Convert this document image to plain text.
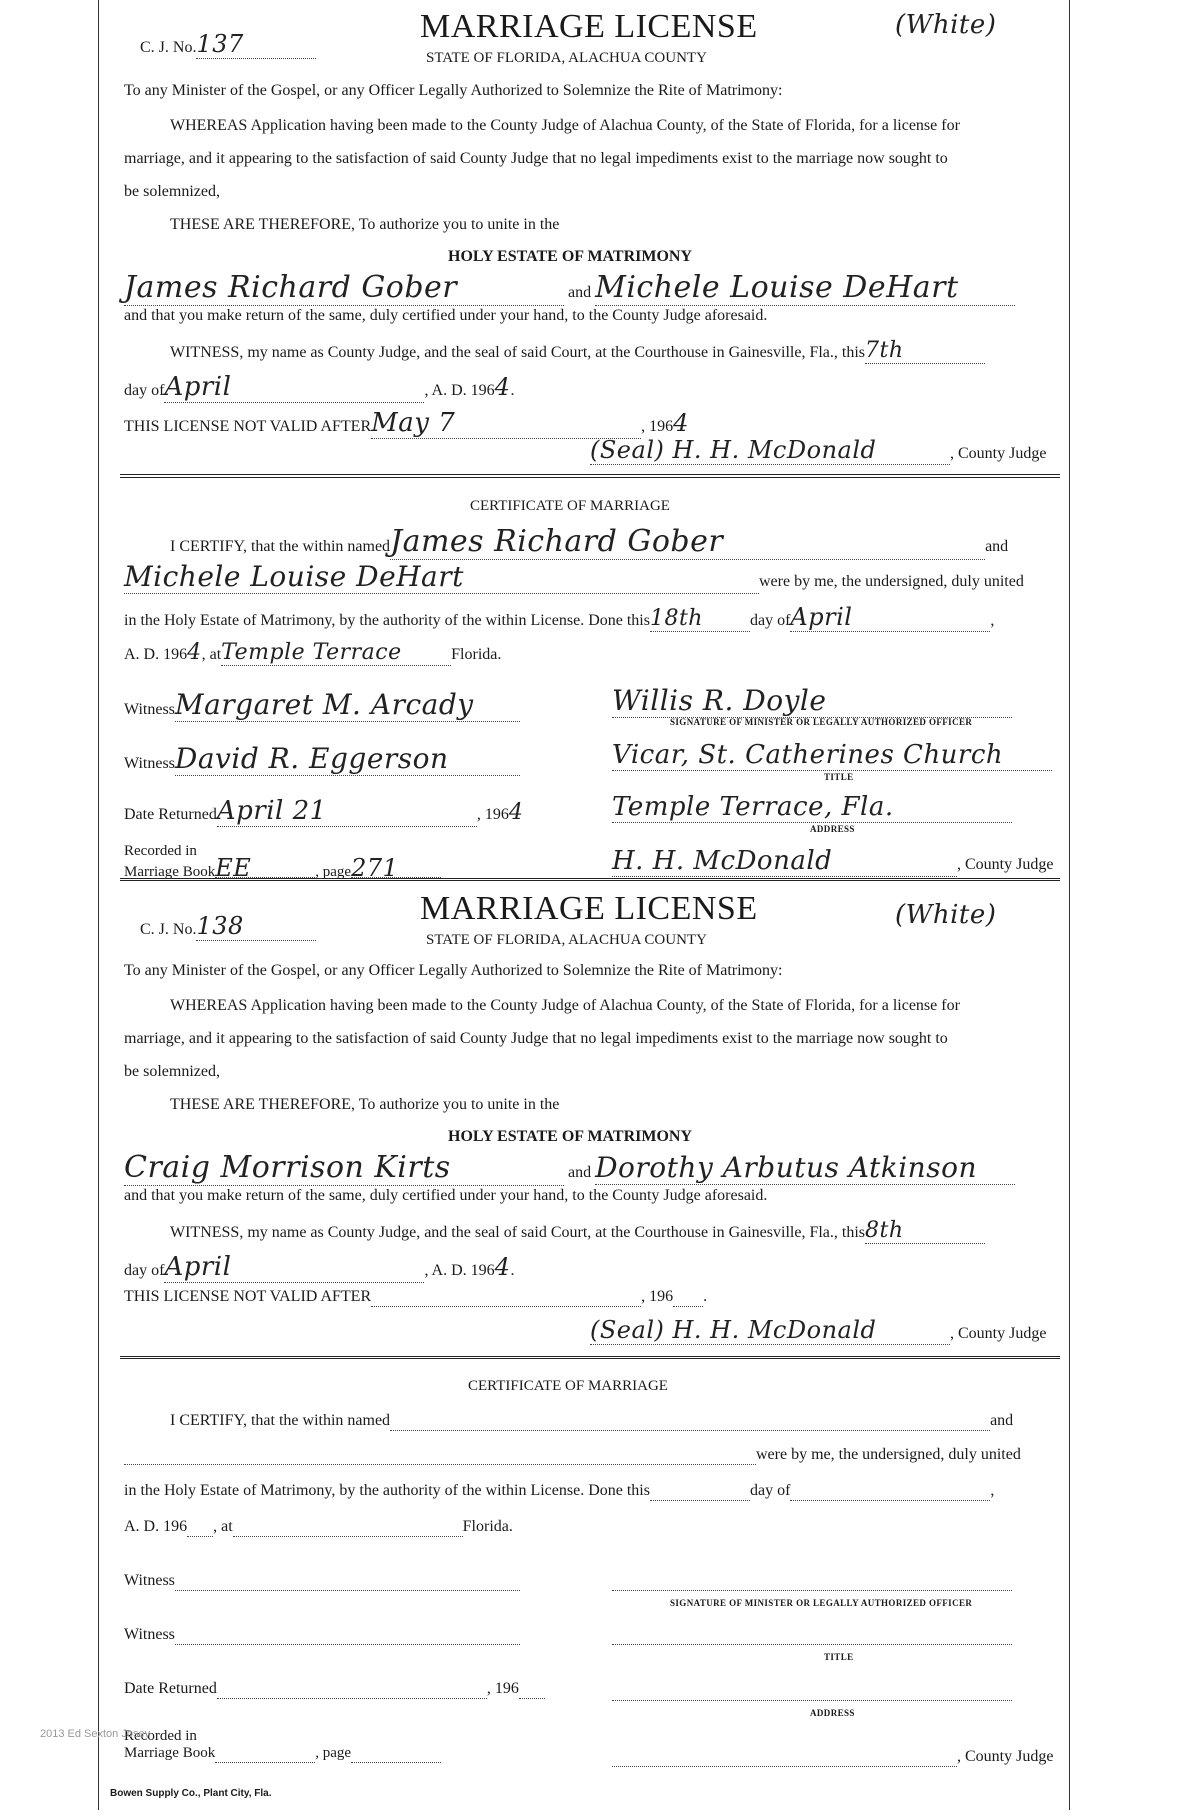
C. J. No.137	MARRIAGE LICENSE	(White)
STATE OF FLORIDA, ALACHUA COUNTY
To any Minister of the Gospel, or any Officer Legally Authorized to Solemnize the Rite of Matrimony:
WHEREAS Application having been made to the County Judge of Alachua County, of the State of Florida, for a license for
marriage, and it appearing to the satisfaction of said County Judge that no legal impediments exist to the marriage now sought to
be solemnized,
THESE ARE THEREFORE, To authorize you to unite in the
HOLY ESTATE OF MATRIMONY
James Richard Gober	and Michele Louise DeHart
and that you make return of the same, duly certified under your hand, to the County Judge aforesaid.
WITNESS, my name as County Judge, and the seal of said Court, at the Courthouse in Gainesville, Fla., this7th
day ofApril	, A. D. 1964.
THIS LICENSE NOT VALID AFTERMay 7	, 1964
(Seal) H. H. McDonald	, County Judge
CERTIFICATE OF MARRIAGE
I CERTIFY, that the within namedJames Richard Gober	and
Michele Louise DeHart	were by me, the undersigned, duly united
in the Holy Estate of Matrimony, by the authority of the within License. Done this18th	day ofApril	,
A. D. 1964, atTemple Terrace	Florida.
WitnessMargaret M. Arcady	Willis R. Doyle
SIGNATURE OF MINISTER OR LEGALLY AUTHORIZED OFFICER
WitnessDavid R. Eggerson	Vicar, St. Catherines Church
TITLE
Date ReturnedApril 21	, 1964	Temple Terrace, Fla.
ADDRESS
Recorded in
Marriage BookEE	, page271	H. H. McDonald	, County Judge
C. J. No.138	MARRIAGE LICENSE	(White)
STATE OF FLORIDA, ALACHUA COUNTY
To any Minister of the Gospel, or any Officer Legally Authorized to Solemnize the Rite of Matrimony:
WHEREAS Application having been made to the County Judge of Alachua County, of the State of Florida, for a license for
marriage, and it appearing to the satisfaction of said County Judge that no legal impediments exist to the marriage now sought to
be solemnized,
THESE ARE THEREFORE, To authorize you to unite in the
HOLY ESTATE OF MATRIMONY
Craig Morrison Kirts	and Dorothy Arbutus Atkinson
and that you make return of the same, duly certified under your hand, to the County Judge aforesaid.
WITNESS, my name as County Judge, and the seal of said Court, at the Courthouse in Gainesville, Fla., this8th
day ofApril	, A. D. 1964.
THIS LICENSE NOT VALID AFTER	, 196 .
(Seal) H. H. McDonald	, County Judge
CERTIFICATE OF MARRIAGE
I CERTIFY, that the within named	and
were by me, the undersigned, duly united
in the Holy Estate of Matrimony, by the authority of the within License. Done this	day of	,
A. D. 196 , at	Florida.
Witness
SIGNATURE OF MINISTER OR LEGALLY AUTHORIZED OFFICER
Witness
TITLE
Date Returned	, 196
ADDRESS
Recorded in
Marriage Book	, page	, County Judge
2013 Ed Sexton Josey
Bowen Supply Co., Plant City, Fla.
